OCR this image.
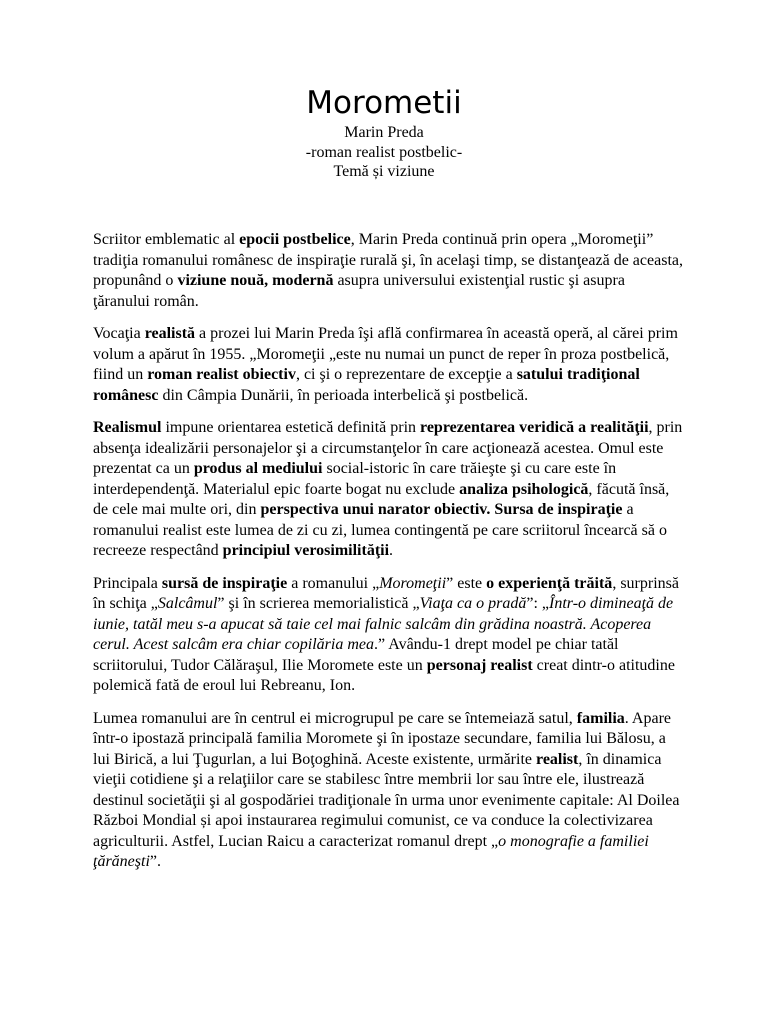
Morometii
Marin Preda
-roman realist postbelic-
Temă și viziune

Scriitor emblematic al epocii postbelice, Marin Preda continuă prin opera „Moromeţii” tradiţia romanului românesc de inspiraţie rurală şi, în acelaşi timp, se distanţează de aceasta, propunând o viziune nouă, modernă asupra universului existenţial rustic şi asupra ţăranului român.

Vocaţia realistă a prozei lui Marin Preda îşi află confirmarea în această operă, al cărei prim volum a apărut în 1955. „Moromeţii „este nu numai un punct de reper în proza postbelică, fiind un roman realist obiectiv, ci şi o reprezentare de excepţie a satului tradiţional românesc din Câmpia Dunării, în perioada interbelică şi postbelică.

Realismul impune orientarea estetică definită prin reprezentarea veridică a realităţii, prin absenţa idealizării personajelor şi a circumstanţelor în care acţionează acestea. Omul este prezentat ca un produs al mediului social-istoric în care trăieşte şi cu care este în interdependenţă. Materialul epic foarte bogat nu exclude analiza psihologică, făcută însă, de cele mai multe ori, din perspectiva unui narator obiectiv. Sursa de inspiraţie a romanului realist este lumea de zi cu zi, lumea contingentă pe care scriitorul încearcă să o recreeze respectând principiul verosimilităţii.

Principala sursă de inspiraţie a romanului „Moromeţii” este o experienţă trăită, surprinsă în schiţa „Salcâmul” şi în scrierea memorialistică „Viaţa ca o pradă”: „Într-o dimineaţă de iunie, tatăl meu s-a apucat să taie cel mai falnic salcâm din grădina noastră. Acoperea cerul. Acest salcâm era chiar copilăria mea.” Avându-1 drept model pe chiar tatăl scriitorului, Tudor Călăraşul, Ilie Moromete este un personaj realist creat dintr-o atitudine polemică fată de eroul lui Rebreanu, Ion.

Lumea romanului are în centrul ei microgrupul pe care se întemeiază satul, familia. Apare într-o ipostază principală familia Moromete şi în ipostaze secundare, familia lui Bălosu, a lui Birică, a lui Ţugurlan, a lui Boţoghină. Aceste existente, urmărite realist, în dinamica vieţii cotidiene şi a relaţiilor care se stabilesc între membrii lor sau între ele, ilustrează destinul societăţii şi al gospodăriei tradiţionale în urma unor evenimente capitale: Al Doilea Război Mondial și apoi instaurarea regimului comunist, ce va conduce la colectivizarea agriculturii. Astfel, Lucian Raicu a caracterizat romanul drept „o monografie a familiei ţărăneşti”.
